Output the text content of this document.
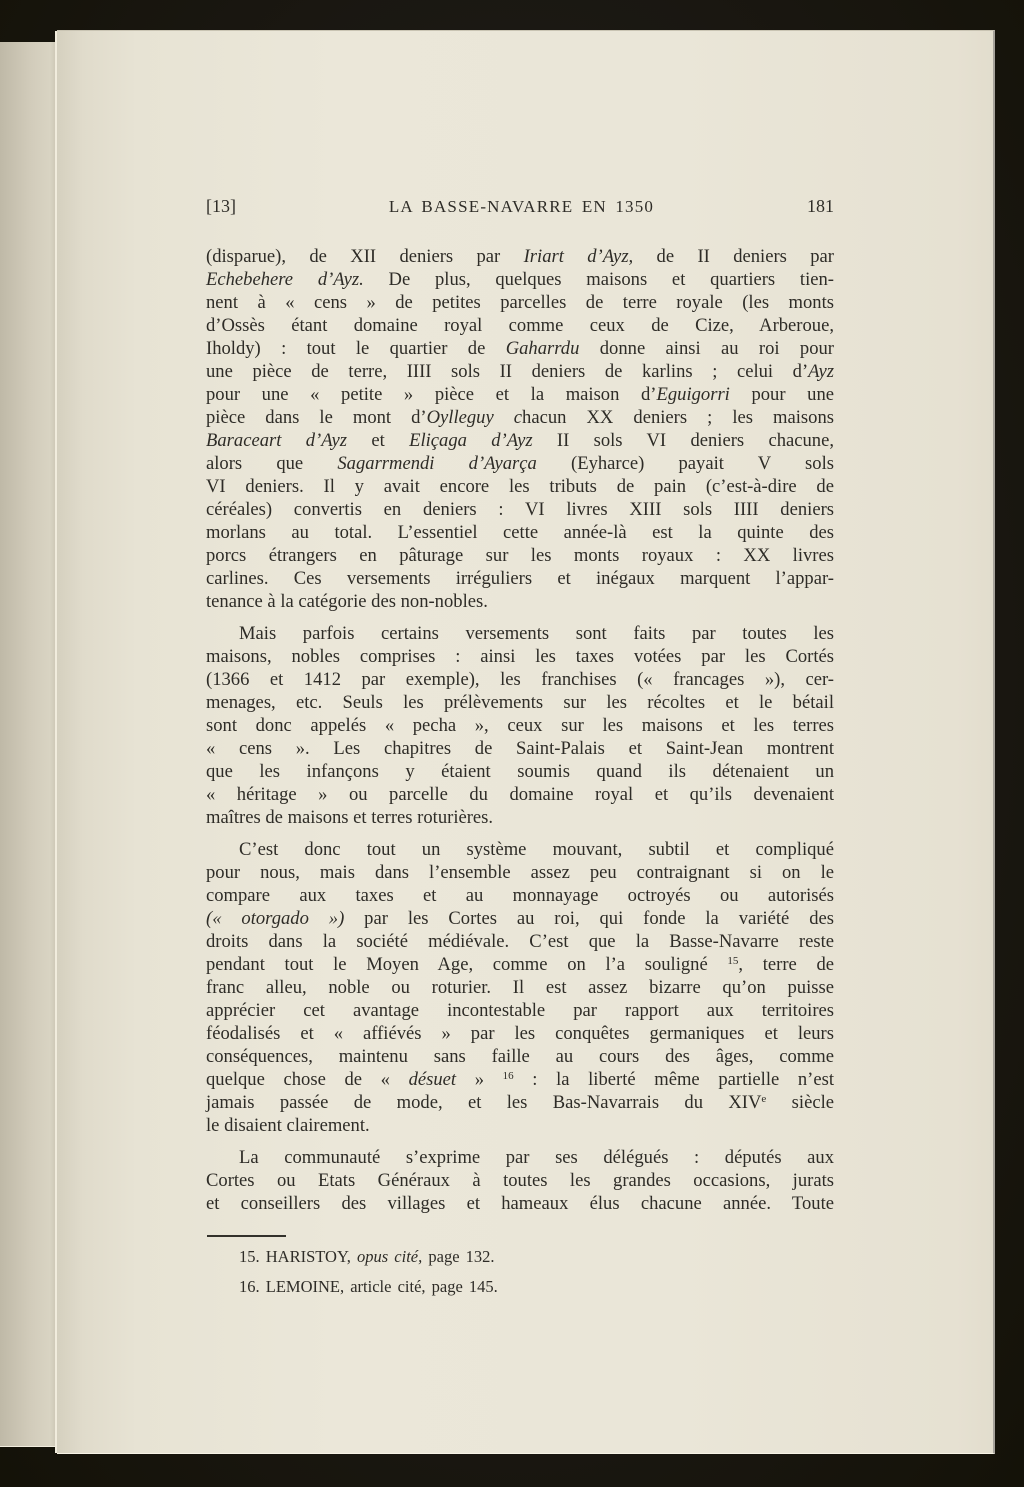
[13]	LA BASSE-NAVARRE EN 1350	181
(disparue), de XII deniers par Iriart d’Ayz, de II deniers par
Echebehere d’Ayz. De plus, quelques maisons et quartiers tien-
nent à « cens » de petites parcelles de terre royale (les monts
d’Ossès étant domaine royal comme ceux de Cize, Arberoue,
Iholdy) : tout le quartier de Gaharrdu donne ainsi au roi pour
une pièce de terre, IIII sols II deniers de karlins ; celui d’Ayz
pour une « petite » pièce et la maison d’Eguigorri pour une
pièce dans le mont d’Oylleguy chacun XX deniers ; les maisons
Baraceart d’Ayz et Eliçaga d’Ayz II sols VI deniers chacune,
alors que Sagarrmendi d’Ayarça (Eyharce) payait V sols
VI deniers. Il y avait encore les tributs de pain (c’est-à-dire de
céréales) convertis en deniers : VI livres XIII sols IIII deniers
morlans au total. L’essentiel cette année-là est la quinte des
porcs étrangers en pâturage sur les monts royaux : XX livres
carlines. Ces versements irréguliers et inégaux marquent l’appar-
tenance à la catégorie des non-nobles.
Mais parfois certains versements sont faits par toutes les
maisons, nobles comprises : ainsi les taxes votées par les Cortés
(1366 et 1412 par exemple), les franchises (« francages »), cer-
menages, etc. Seuls les prélèvements sur les récoltes et le bétail
sont donc appelés « pecha », ceux sur les maisons et les terres
« cens ». Les chapitres de Saint-Palais et Saint-Jean montrent
que les infançons y étaient soumis quand ils détenaient un
« héritage » ou parcelle du domaine royal et qu’ils devenaient
maîtres de maisons et terres roturières.
C’est donc tout un système mouvant, subtil et compliqué
pour nous, mais dans l’ensemble assez peu contraignant si on le
compare aux taxes et au monnayage octroyés ou autorisés
(« otorgado ») par les Cortes au roi, qui fonde la variété des
droits dans la société médiévale. C’est que la Basse-Navarre reste
pendant tout le Moyen Age, comme on l’a souligné $^{15}$, terre de
franc alleu, noble ou roturier. Il est assez bizarre qu’on puisse
apprécier cet avantage incontestable par rapport aux territoires
féodalisés et « affiévés » par les conquêtes germaniques et leurs
conséquences, maintenu sans faille au cours des âges, comme
quelque chose de « désuet » $^{16}$ : la liberté même partielle n’est
jamais passée de mode, et les Bas-Navarrais du XIVe siècle
le disaient clairement.
La communauté s’exprime par ses délégués : députés aux
Cortes ou Etats Généraux à toutes les grandes occasions, jurats
et conseillers des villages et hameaux élus chacune année. Toute
15. HARISTOY, opus cité, page 132.
16. LEMOINE, article cité, page 145.
